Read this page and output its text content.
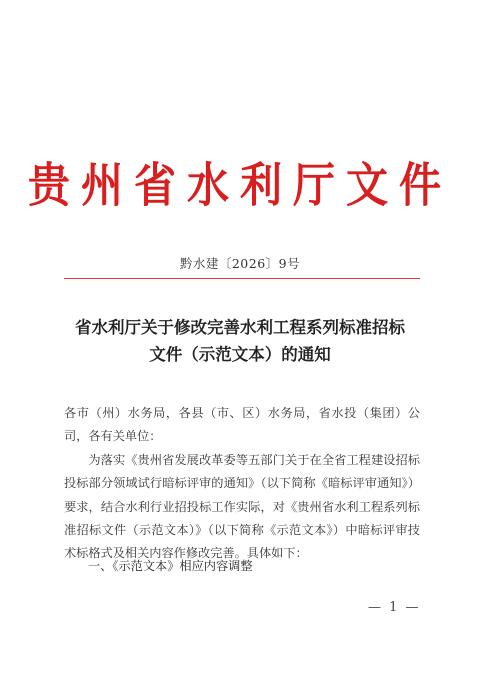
贵州省水利厅文件
黔水建〔2026〕9号
省水利厅关于修改完善水利工程系列标准招标
文件（示范文本）的通知

各市（州）水务局，各县（市、区）水务局，省水投（集团）公司，各有关单位：

为落实《贵州省发展改革委等五部门关于在全省工程建设招标投标部分领域试行暗标评审的通知》（以下简称《暗标评审通知》）要求，结合水利行业招投标工作实际，对《贵州省水利工程系列标准招标文件（示范文本）》（以下简称《示范文本》）中暗标评审技术标格式及相关内容作修改完善。具体如下：

一、《示范文本》相应内容调整
— 1 —
